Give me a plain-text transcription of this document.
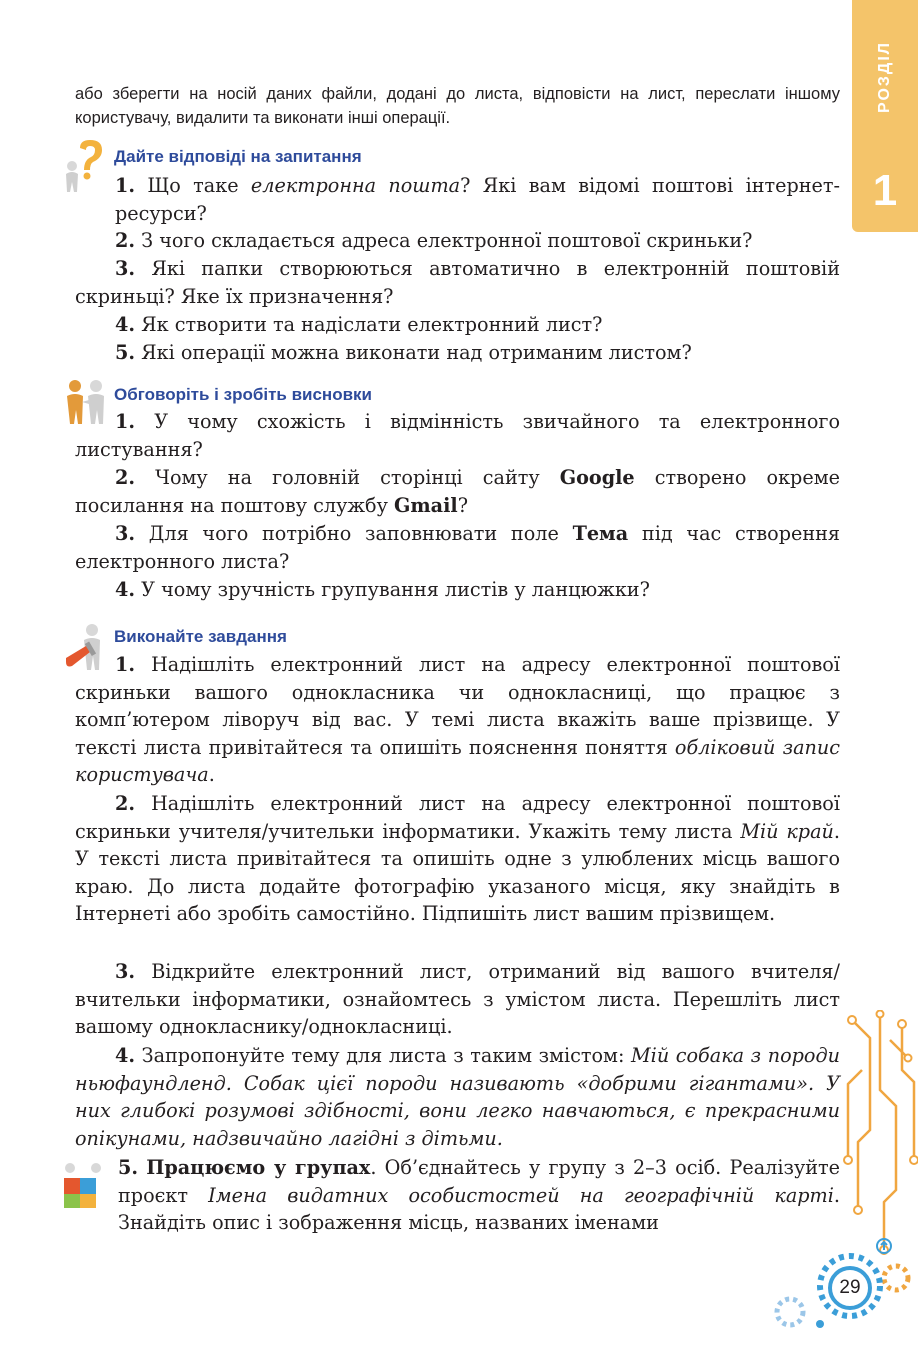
РОЗДІЛ
1
або зберегти на носій даних файли, додані до листа, відповісти на лист, переслати іншому користувачу, видалити та виконати інші операції.
Дайте відповіді на запитання

1. Що таке електронна пошта? Які вам відомі поштові інтернет-ресурси?

2. З чого складається адреса електронної поштової скриньки?

3. Які папки створюються автоматично в електронній поштовій скриньці? Яке їх призначення?

4. Як створити та надіслати електронний лист?

5. Які операції можна виконати над отриманим листом?

Обговоріть і зробіть висновки

1. У чому схожість і відмінність звичайного та електронного листування?

2. Чому на головній сторінці сайту Google створено окреме посилання на поштову службу Gmail?

3. Для чого потрібно заповнювати поле Тема під час створення електронного листа?

4. У чому зручність групування листів у ланцюжки?

Виконайте завдання

1. Надішліть електронний лист на адресу електронної поштової скриньки вашого однокласника чи однокласниці, що працює з комп’ютером ліворуч від вас. У темі листа вкажіть ваше прізвище. У тексті листа привітайтеся та опишіть пояснення поняття обліковий запис користувача.

2. Надішліть електронний лист на адресу електронної поштової скриньки учителя/учительки інформатики. Укажіть тему листа Мій край. У тексті листа привітайтеся та опишіть одне з улюблених місць вашого краю. До листа додайте фотографію указаного місця, яку знайдіть в Інтернеті або зробіть самостійно. Підпишіть лист вашим прізвищем.

3. Відкрийте електронний лист, отриманий від вашого вчителя/вчительки інформатики, ознайомтесь з умістом листа. Перешліть лист вашому однокласнику/однокласниці.

4. Запропонуйте тему для листа з таким змістом: Мій собака з породи ньюфаундленд. Собак цієї породи називають «добрими гігантами». У них глибокі розумові здібності, вони легко навчаються, є прекрасними опікунами, надзвичайно лагідні з дітьми.

5. Працюємо у групах. Об’єднайтесь у групу з 2–3 осіб. Реалізуйте проєкт Імена видатних особистостей на географічній карті. Знайдіть опис і зображення місць, названих іменами

29
